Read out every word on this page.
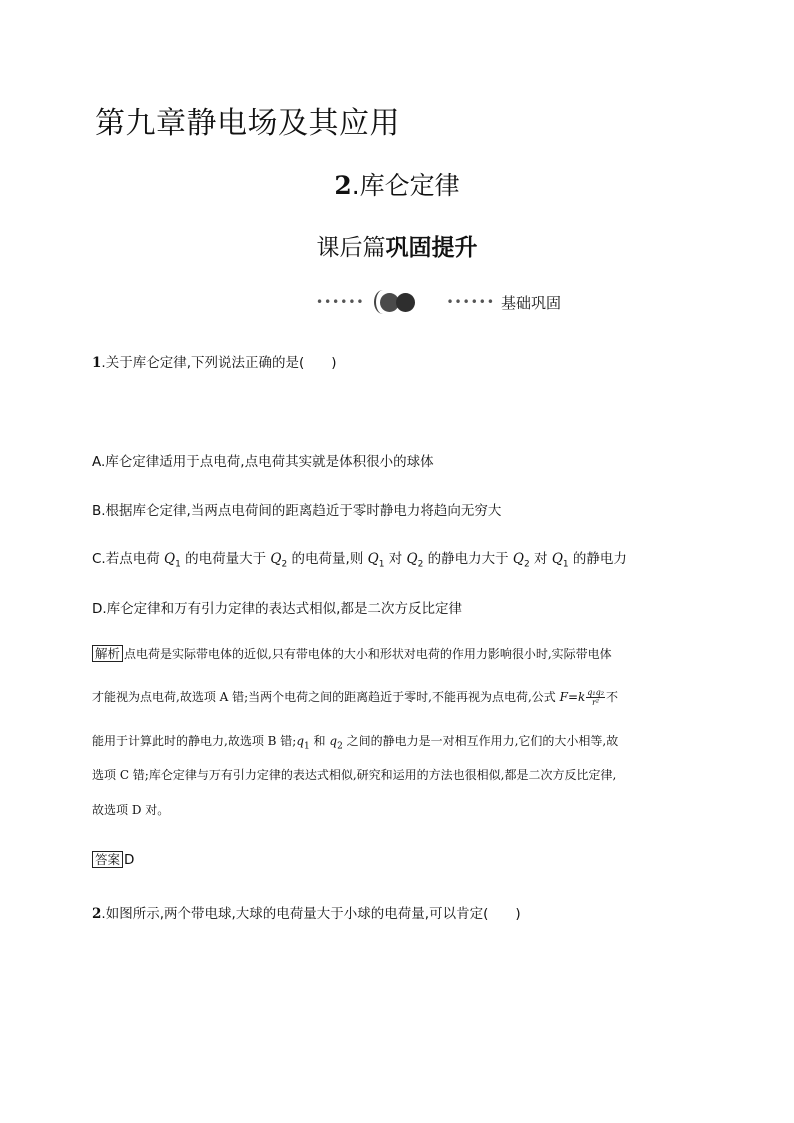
第九章静电场及其应用
2.库仑定律
课后篇巩固提升
••••••	•••••• 基础巩固
1.关于库仑定律,下列说法正确的是(　　)
A.库仑定律适用于点电荷,点电荷其实就是体积很小的球体
B.根据库仑定律,当两点电荷间的距离趋近于零时静电力将趋向无穷大
C.若点电荷 $Q_1$ 的电荷量大于 $Q_2$ 的电荷量,则 $Q_1$ 对 $Q_2$ 的静电力大于 $Q_2$ 对 $Q_1$ 的静电力
D.库仑定律和万有引力定律的表达式相似,都是二次方反比定律
解析 点电荷是实际带电体的近似,只有带电体的大小和形状对电荷的作用力影响很小时,实际带电体
才能视为点电荷,故选项 A 错;当两个电荷之间的距离趋近于零时,不能再视为点电荷,公式 $F=k \frac{\text{q₁q₂}}{\text{r²}}$ 不
能用于计算此时的静电力,故选项 B 错$;q_1$ 和 $q_2$ 之间的静电力是一对相互作用力,它们的大小相等,故
选项 C 错;库仑定律与万有引力定律的表达式相似,研究和运用的方法也很相似,都是二次方反比定律,
故选项 D 对。
答案 D
2.如图所示,两个带电球,大球的电荷量大于小球的电荷量,可以肯定(　　)
